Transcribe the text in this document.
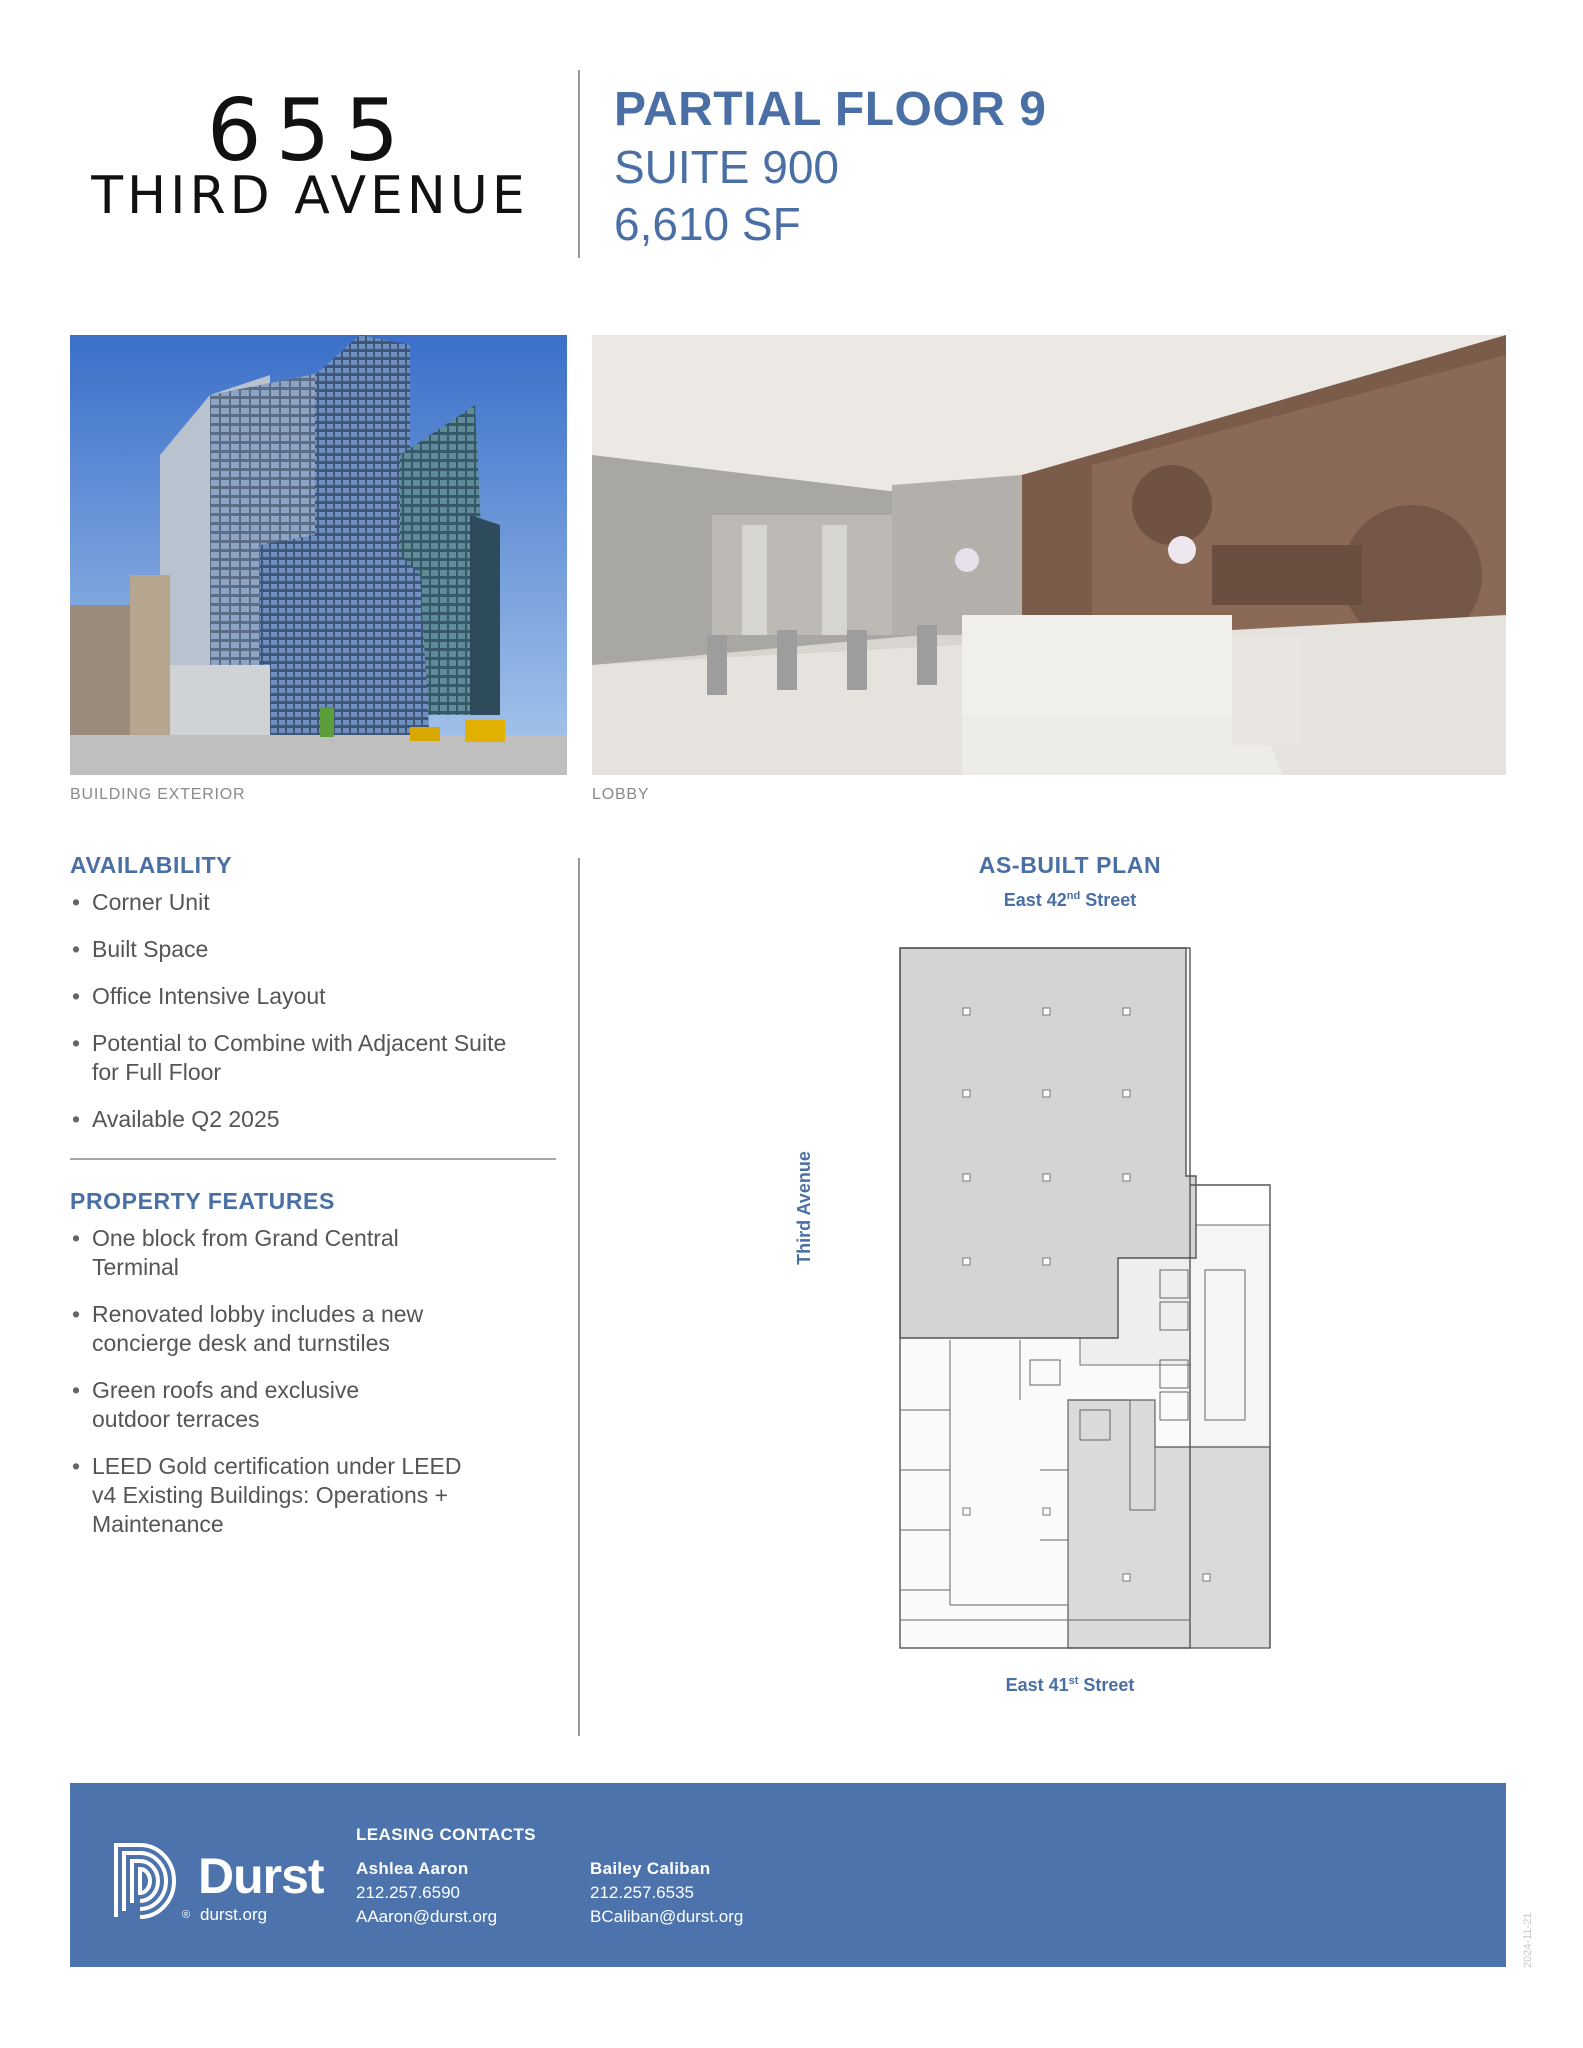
655
THIRD AVENUE
PARTIAL FLOOR 9
SUITE 900
6,610 SF
BUILDING EXTERIOR	LOBBY
AVAILABILITY
• Corner Unit
• Built Space
• Office Intensive Layout
• Potential to Combine with Adjacent Suite for Full Floor
• Available Q2 2025
PROPERTY FEATURES
• One block from Grand Central Terminal
• Renovated lobby includes a new concierge desk and turnstiles
• Green roofs and exclusive outdoor terraces
• LEED Gold certification under LEED v4 Existing Buildings: Operations + Maintenance
AS-BUILT PLAN
East 42nd Street
Third Avenue
East 41st Street
Durst
® durst.org
LEASING CONTACTS
Ashlea Aaron
212.257.6590
AAaron@durst.org
Bailey Caliban
212.257.6535
BCaliban@durst.org	2024-11-21
